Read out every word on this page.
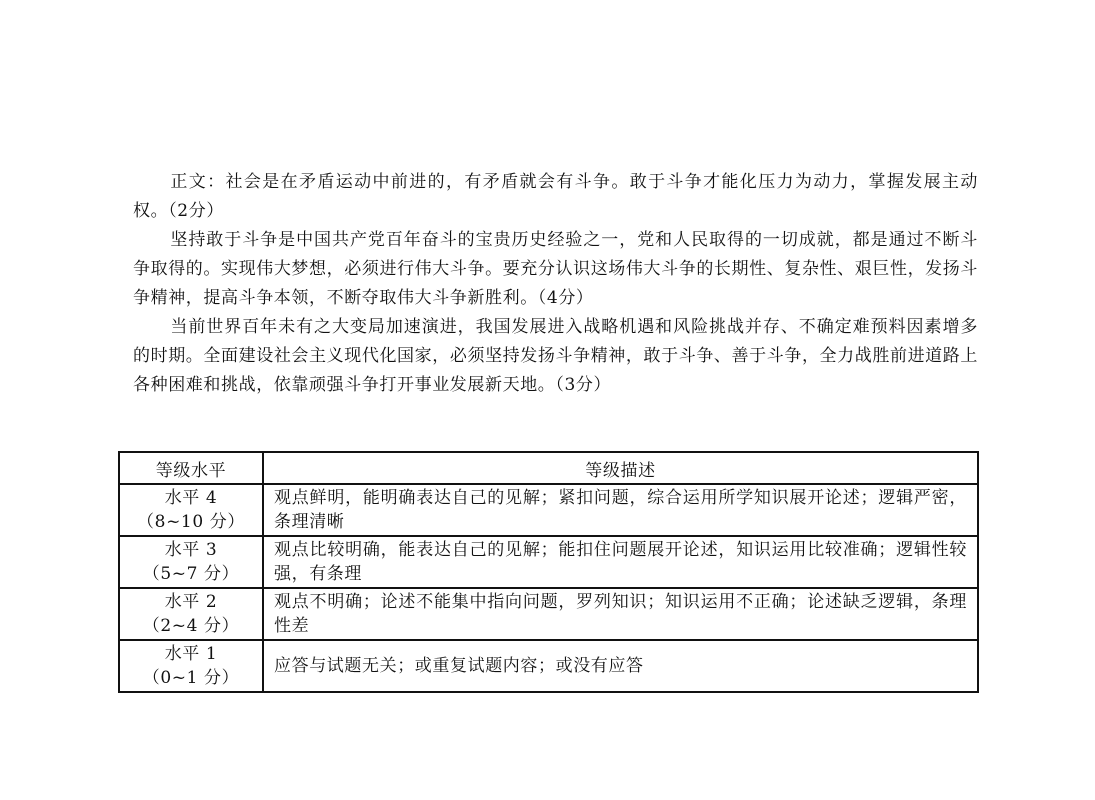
正文：社会是在矛盾运动中前进的，有矛盾就会有斗争。敢于斗争才能化压力为动力，掌握发展主动权。（2分）

坚持敢于斗争是中国共产党百年奋斗的宝贵历史经验之一，党和人民取得的一切成就，都是通过不断斗争取得的。实现伟大梦想，必须进行伟大斗争。要充分认识这场伟大斗争的长期性、复杂性、艰巨性，发扬斗争精神，提高斗争本领，不断夺取伟大斗争新胜利。（4分）

当前世界百年未有之大变局加速演进，我国发展进入战略机遇和风险挑战并存、不确定难预料因素增多的时期。全面建设社会主义现代化国家，必须坚持发扬斗争精神，敢于斗争、善于斗争，全力战胜前进道路上各种困难和挑战，依靠顽强斗争打开事业发展新天地。（3分）

等级水平	等级描述

水平 4
（8~10 分）	观点鲜明，能明确表达自己的见解；紧扣问题，综合运用所学知识展开论述；逻辑严密，条理清晰

水平 3
（5~7 分）	观点比较明确，能表达自己的见解；能扣住问题展开论述，知识运用比较准确；逻辑性较强，有条理

水平 2
（2~4 分）	观点不明确；论述不能集中指向问题，罗列知识；知识运用不正确；论述缺乏逻辑，条理性差

水平 1
（0~1 分）	应答与试题无关；或重复试题内容；或没有应答
